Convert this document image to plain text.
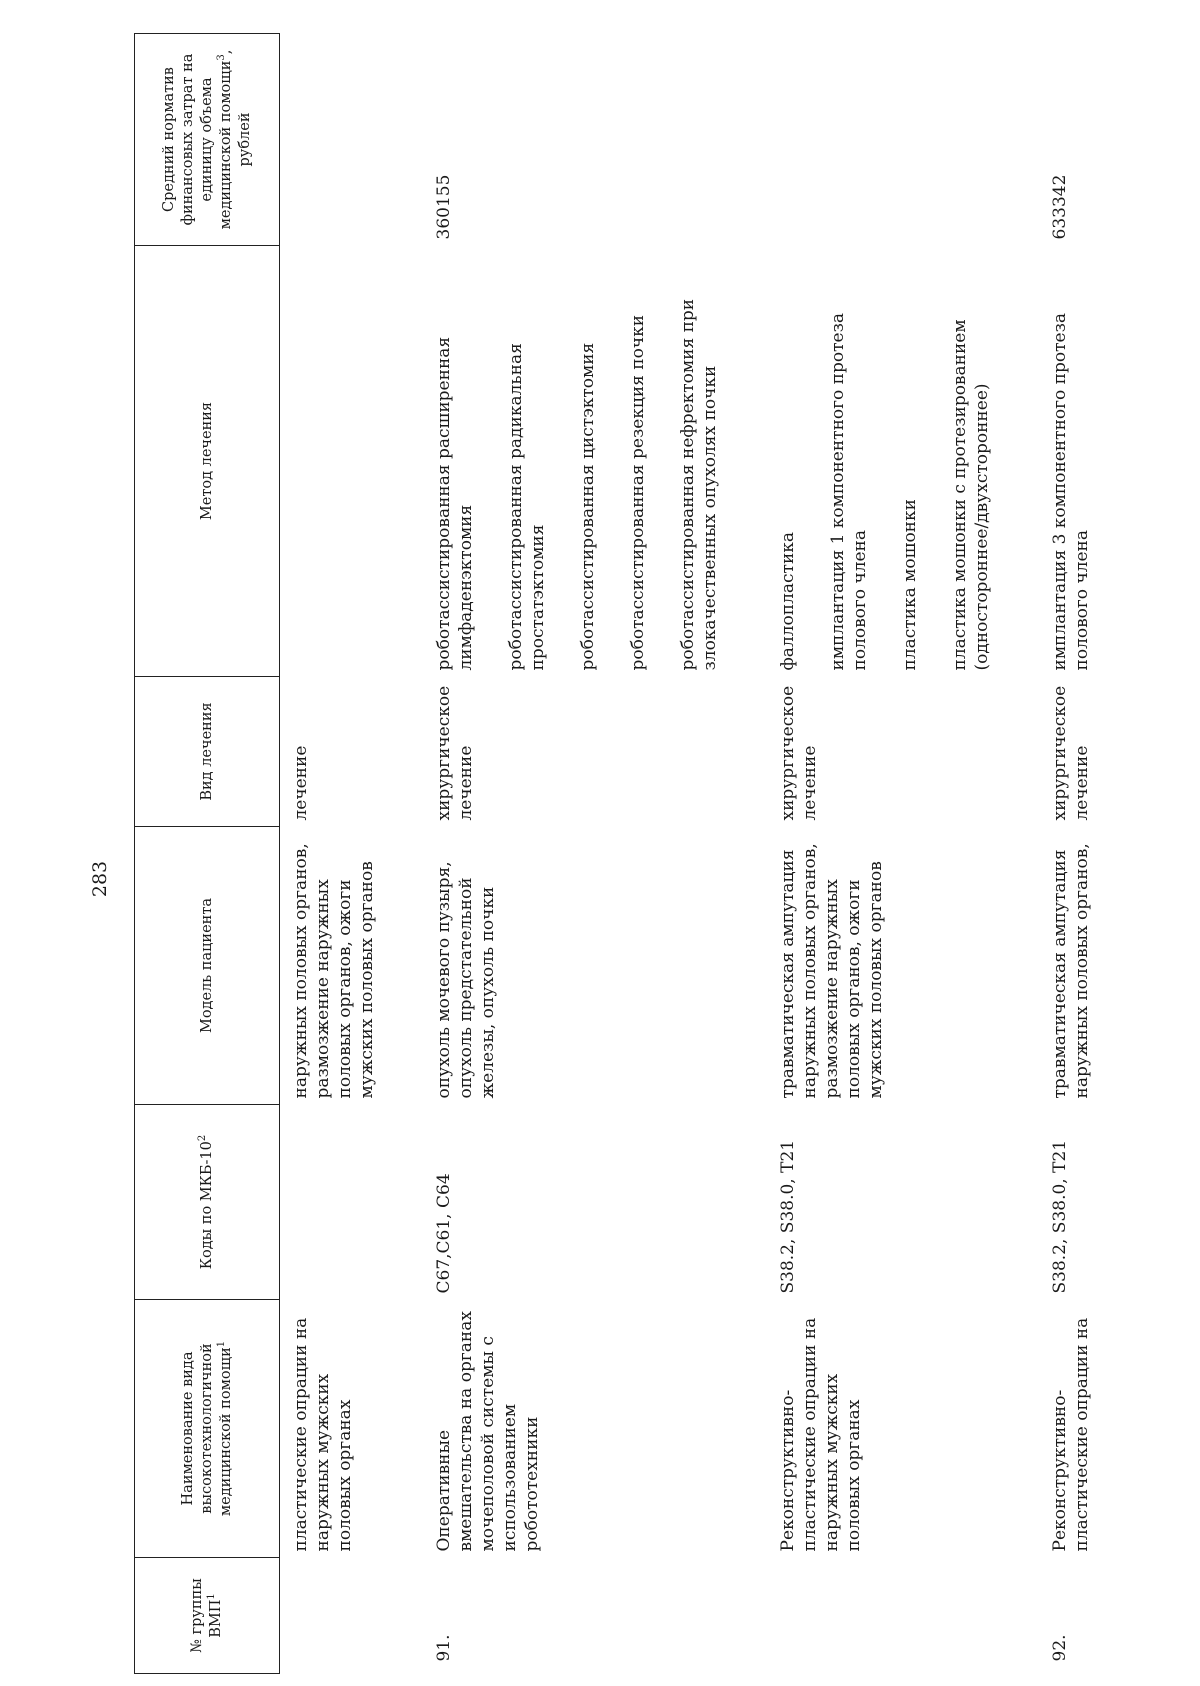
283
№ группы ВМП$^1$	Наименование вида высокотехнологичной медицинской помощи$^1$	Коды по МКБ-$10^2$	Модель пациента	Вид лечения	Метод лечения	Средний норматив финансовых затрат на единицу объема медицинской помощи$^3$, рублей
	пластические опрации на наружных мужских половых органах		наружных половых органов, размозжение наружных половых органов, ожоги мужских половых органов	лечение		
91.	Оперативные вмешательства на органах мочеполовой системы с использованием робототехники	C67,C61, C64	опухоль мочевого пузыря, опухоль предстательной железы, опухоль почки	хирургическое лечение	роботассистированная расширенная лимфаденэктомия роботассистированная радикальная простатэктомия роботассистированная цистэктомия роботассистированная резекция почки роботассистированная нефректомия при злокачественных опухолях почки	360155
	Реконструктивнопластические опрации на наружных мужских половых органах	S38.2, S38.0, T21	травматическая ампутация наружных половых органов, размозжение наружных половых органов, ожоги мужских половых органов	хирургическое лечение	фаллопластика имплантация 1 компонентного протеза полового члена пластика мошонки пластика мошонки с протезированием (одностороннее/двухстороннее)	

92.	Реконструктивнопластические опрации на	S38.2, S38.0, T21	травматическая ампутация наружных половых органов,	хирургическое лечение	имплантация 3 компонентного протеза полового члена	633342
